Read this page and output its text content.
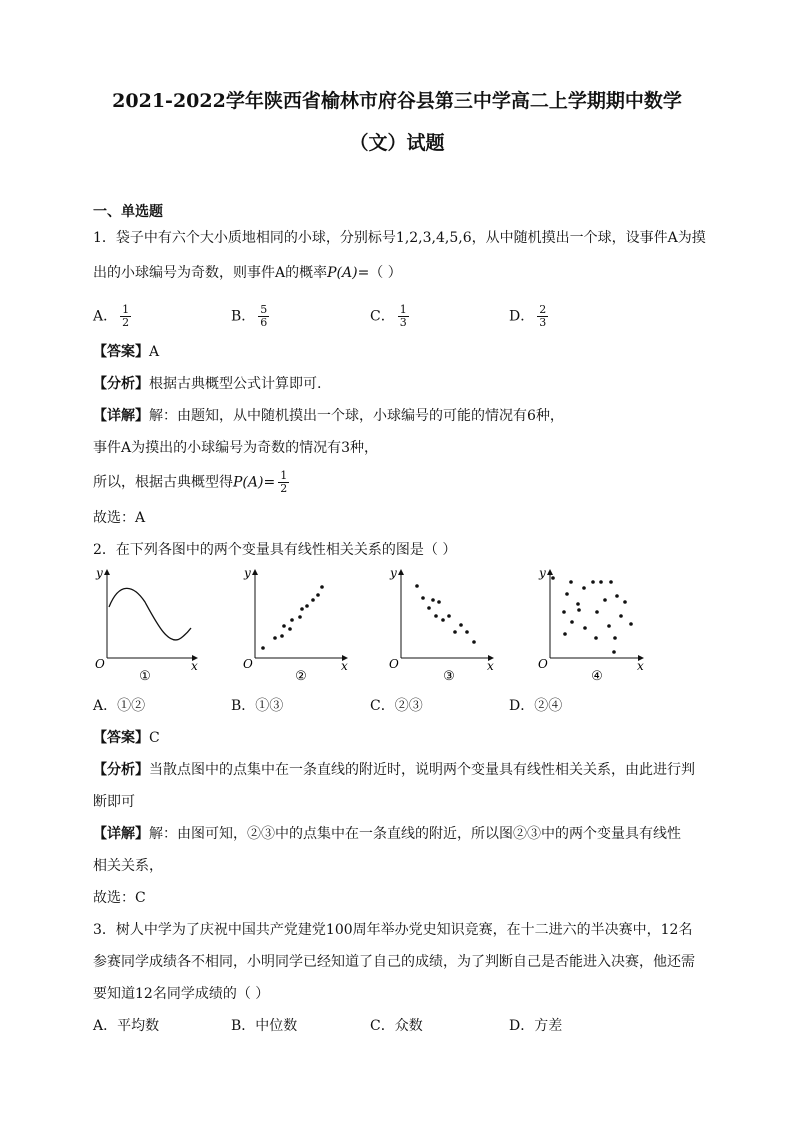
2021-2022学年陕西省榆林市府谷县第三中学高二上学期期中数学
（文）试题
一、单选题
1．袋子中有六个大小质地相同的小球，分别标号1,2,3,4,5,6，从中随机摸出一个球，设事件A为摸
出的小球编号为奇数，则事件A的概率P(A)=（ ）
A． $\frac{1}{2}$	B． $\frac{5}{6}$	C． $\frac{1}{3}$	D． $\frac{2}{3}$
【答案】A
【分析】根据古典概型公式计算即可.
【详解】解：由题知，从中随机摸出一个球，小球编号的可能的情况有6种，
事件A为摸出的小球编号为奇数的情况有3种，
所以，根据古典概型得$P(A)= \frac{1}{2}$
故选：A
2．在下列各图中的两个变量具有线性相关关系的图是（ ）
y
x
O
①
y
x
O
②
y
x
O
③
y
x
O
④
A．①②	B．①③	C．②③	D．②④
【答案】C
【分析】当散点图中的点集中在一条直线的附近时，说明两个变量具有线性相关关系，由此进行判
断即可
【详解】解：由图可知，②③中的点集中在一条直线的附近，所以图②③中的两个变量具有线性
相关关系，
故选：C
3．树人中学为了庆祝中国共产党建党100周年举办党史知识竞赛，在十二进六的半决赛中，12名
参赛同学成绩各不相同，小明同学已经知道了自己的成绩，为了判断自己是否能进入决赛，他还需
要知道12名同学成绩的（ ）
A．平均数	B．中位数	C．众数	D．方差
